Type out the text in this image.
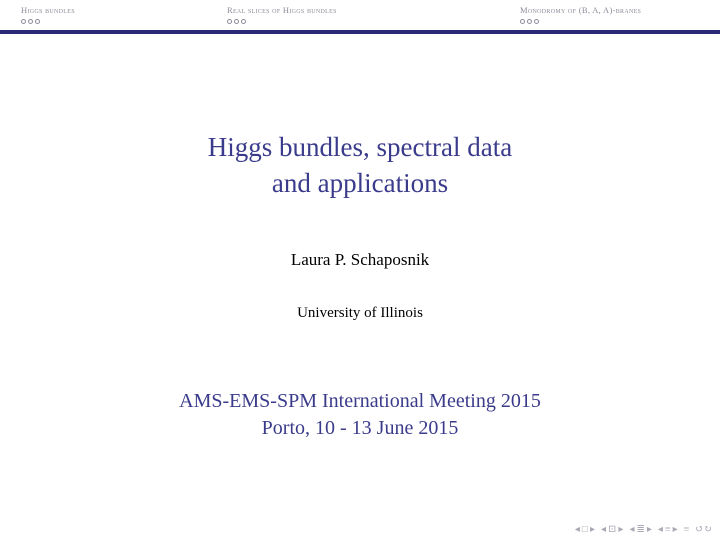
Higgs bundles	Real slices of Higgs bundles	Monodromy of (B, A, A)-branes
Higgs bundles, spectral data
and applications
Laura P. Schaposnik
University of Illinois
AMS-EMS-SPM International Meeting 2015
Porto, 10 - 13 June 2015
◂ □ ▸ ◂ ⊡ ▸ ◂ ≣ ▸ ◂ ≡ ▸ ≡ ↺↻
